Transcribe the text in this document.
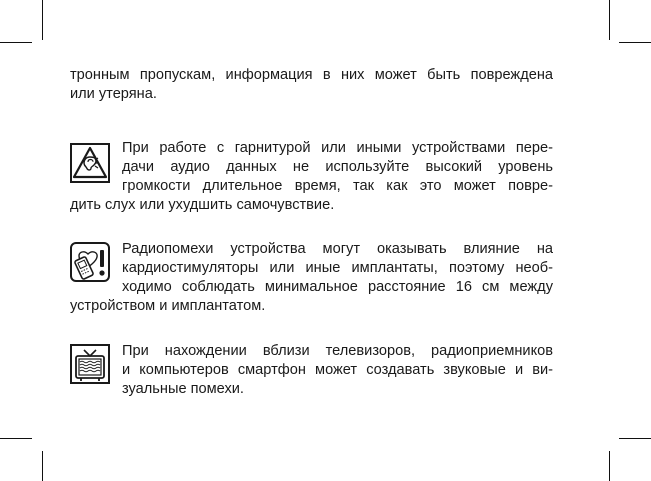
тронным пропускам, информация в них может быть повреждена

или утеряна.

При работе с гарнитурой или иными устройствами пере-

дачи аудио данных не используйте высокий уровень

громкости длительное время, так как это может повре-

дить слух или ухудшить самочувствие.

Радиопомехи устройства могут оказывать влияние на

кардиостимуляторы или иные имплантаты, поэтому необ-

ходимо соблюдать минимальное расстояние 16 см между

устройством и имплантатом.

При нахождении вблизи телевизоров, радиоприемников

и компьютеров смартфон может создавать звуковые и ви-

зуальные помехи.
